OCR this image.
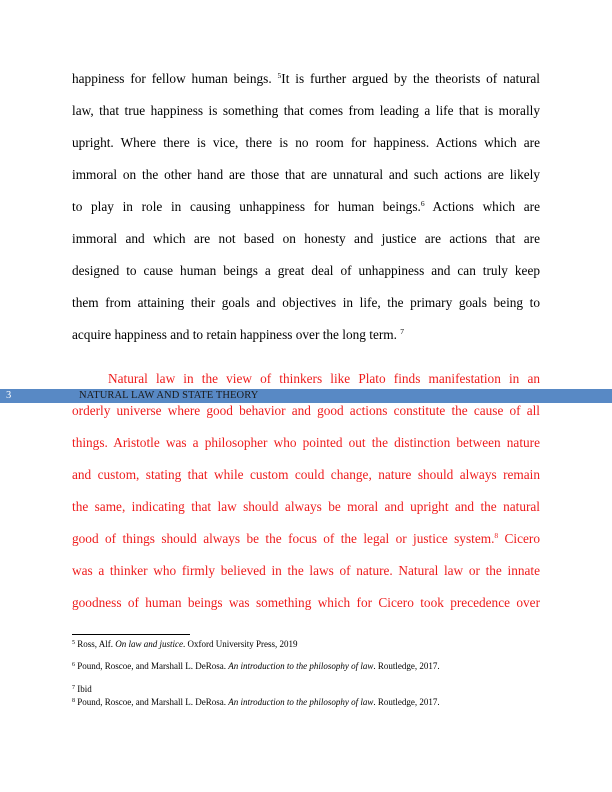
happiness for fellow human beings. $^5$It is further argued by the theorists of natural
law, that true happiness is something that comes from leading a life that is morally
upright. Where there is vice, there is no room for happiness. Actions which are
immoral on the other hand are those that are unnatural and such actions are likely
to play in role in causing unhappiness for human beings.$^6$ Actions which are
immoral and which are not based on honesty and justice are actions that are
designed to cause human beings a great deal of unhappiness and can truly keep
them from attaining their goals and objectives in life, the primary goals being to
acquire happiness and to retain happiness over the long term. $^7$
Natural law in the view of thinkers like Plato finds manifestation in an
orderly universe where good behavior and good actions constitute the cause of all
things. Aristotle was a philosopher who pointed out the distinction between nature
and custom, stating that while custom could change, nature should always remain
the same, indicating that law should always be moral and upright and the natural
good of things should always be the focus of the legal or justice system.$^8$ Cicero
was a thinker who firmly believed in the laws of nature. Natural law or the innate
goodness of human beings was something which for Cicero took precedence over
3	NATURAL LAW AND STATE THEORY
$^5$ Ross, Alf. On law and justice. Oxford University Press, 2019
$^6$ Pound, Roscoe, and Marshall L. DeRosa. An introduction to the philosophy of law. Routledge, 2017.
$^7$ Ibid
$^8$ Pound, Roscoe, and Marshall L. DeRosa. An introduction to the philosophy of law. Routledge, 2017.
